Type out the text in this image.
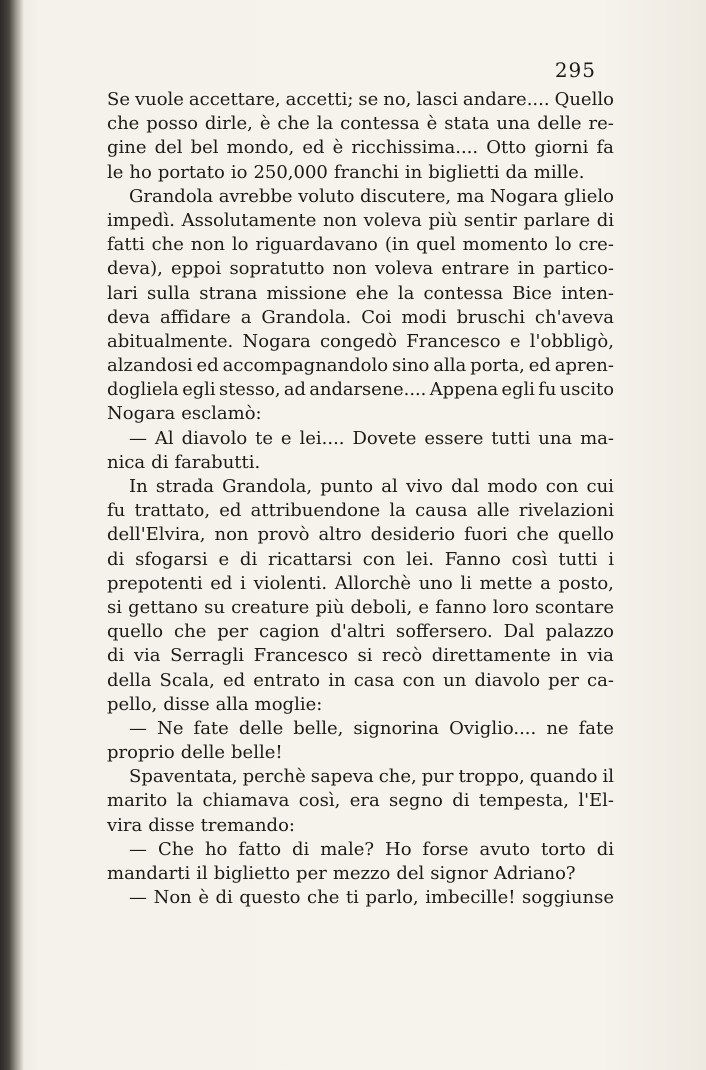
295
Se vuole accettare, accetti; se no, lasci andare.... Quello
che posso dirle, è che la contessa è stata una delle re-
gine del bel mondo, ed è ricchissima.... Otto giorni fa
le ho portato io 250,000 franchi in biglietti da mille.
Grandola avrebbe voluto discutere, ma Nogara glielo
impedì. Assolutamente non voleva più sentir parlare di
fatti che non lo riguardavano (in quel momento lo cre-
deva), eppoi sopratutto non voleva entrare in partico-
lari sulla strana missione ehe la contessa Bice inten-
deva affidare a Grandola. Coi modi bruschi ch'aveva
abitualmente. Nogara congedò Francesco e l'obbligò,
alzandosi ed accompagnandolo sino alla porta, ed apren-
dogliela egli stesso, ad andarsene.... Appena egli fu uscito
Nogara esclamò:
— Al diavolo te e lei.... Dovete essere tutti una ma-
nica di farabutti.
In strada Grandola, punto al vivo dal modo con cui
fu trattato, ed attribuendone la causa alle rivelazioni
dell'Elvira, non provò altro desiderio fuori che quello
di sfogarsi e di ricattarsi con lei. Fanno così tutti i
prepotenti ed i violenti. Allorchè uno li mette a posto,
si gettano su creature più deboli, e fanno loro scontare
quello che per cagion d'altri soffersero. Dal palazzo
di via Serragli Francesco si recò direttamente in via
della Scala, ed entrato in casa con un diavolo per ca-
pello, disse alla moglie:
— Ne fate delle belle, signorina Oviglio.... ne fate
proprio delle belle!
Spaventata, perchè sapeva che, pur troppo, quando il
marito la chiamava così, era segno di tempesta, l'El-
vira disse tremando:
— Che ho fatto di male? Ho forse avuto torto di
mandarti il biglietto per mezzo del signor Adriano?
— Non è di questo che ti parlo, imbecille! soggiunse
